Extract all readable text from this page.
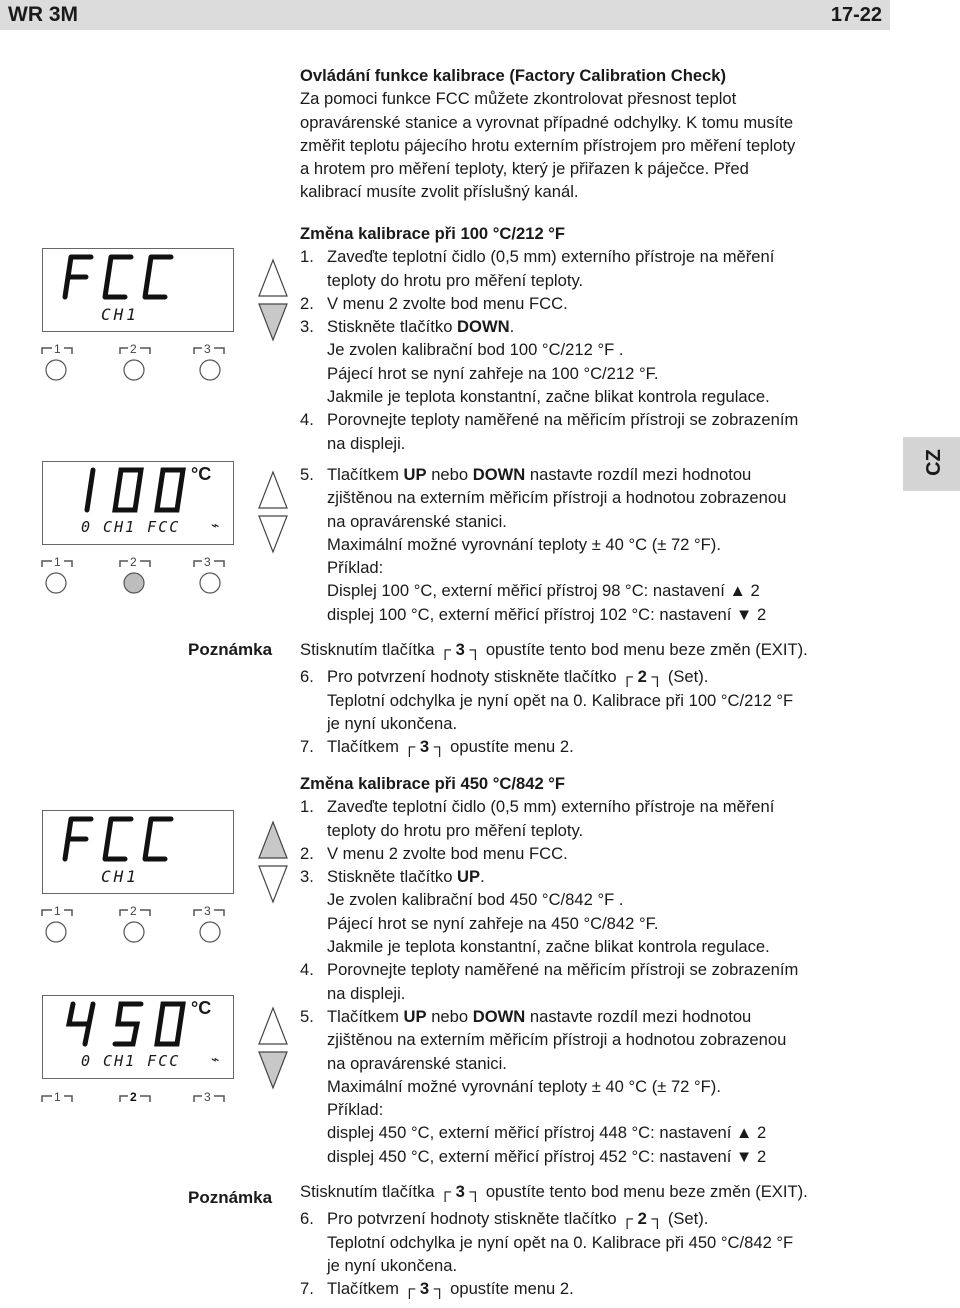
WR 3M	17-22
CZ

Ovládání funkce kalibrace (Factory Calibration Check)

Za pomoci funkce FCC můžete zkontrolovat přesnost teplot

opravárenské stanice a vyrovnat případné odchylky. K tomu musíte

změřit teplotu pájecího hrotu externím přístrojem pro měření teploty

a hrotem pro měření teploty, který je přiřazen k páječce. Před

kalibrací musíte zvolit příslušný kanál.

Změna kalibrace při 100 °C/212 °F

1. Zaveďte teplotní čidlo (0,5 mm) externího přístroje na měření

teploty do hrotu pro měření teploty.

2. V menu 2 zvolte bod menu FCC.

3. Stiskněte tlačítko DOWN.

Je zvolen kalibrační bod 100 °C/212 °F .

Pájecí hrot se nyní zahřeje na 100 °C/212 °F.

Jakmile je teplota konstantní, začne blikat kontrola regulace.

4. Porovnejte teploty naměřené na měřicím přístroji se zobrazením

na displeji.

5. Tlačítkem UP nebo DOWN nastavte rozdíl mezi hodnotou

zjištěnou na externím měřicím přístroji a hodnotou zobrazenou

na opravárenské stanici.

Maximální možné vyrovnání teploty ± 40 °C (± 72 °F).

Příklad:

Displej 100 °C, externí měřicí přístroj 98 °C: nastavení ▲ 2

displej 100 °C, externí měřicí přístroj 102 °C: nastavení ▼ 2

Stisknutím tlačítka ┌ 3 ┐ opustíte tento bod menu beze změn (EXIT).

6. Pro potvrzení hodnoty stiskněte tlačítko ┌ 2 ┐ (Set).

Teplotní odchylka je nyní opět na 0. Kalibrace při 100 °C/212 °F

je nyní ukončena.

7. Tlačítkem ┌ 3 ┐ opustíte menu 2.

Poznámka

Změna kalibrace při 450 °C/842 °F

1. Zaveďte teplotní čidlo (0,5 mm) externího přístroje na měření

teploty do hrotu pro měření teploty.

2. V menu 2 zvolte bod menu FCC.

3. Stiskněte tlačítko UP.

Je zvolen kalibrační bod 450 °C/842 °F .

Pájecí hrot se nyní zahřeje na 450 °C/842 °F.

Jakmile je teplota konstantní, začne blikat kontrola regulace.

4. Porovnejte teploty naměřené na měřicím přístroji se zobrazením

na displeji.

5. Tlačítkem UP nebo DOWN nastavte rozdíl mezi hodnotou

zjištěnou na externím měřicím přístroji a hodnotou zobrazenou

na opravárenské stanici.

Maximální možné vyrovnání teploty ± 40 °C (± 72 °F).

Příklad:

displej 450 °C, externí měřicí přístroj 448 °C: nastavení ▲ 2

displej 450 °C, externí měřicí přístroj 452 °C: nastavení ▼ 2

Stisknutím tlačítka ┌ 3 ┐ opustíte tento bod menu beze změn (EXIT).

6. Pro potvrzení hodnoty stiskněte tlačítko ┌ 2 ┐ (Set).

Teplotní odchylka je nyní opět na 0. Kalibrace při 450 °C/842 °F

je nyní ukončena.

7. Tlačítkem ┌ 3 ┐ opustíte menu 2.

Poznámka
CH1
1	2	3
°C
0 CH1 FCC ⌁
1	2	3
CH1
1	2	3
°C
0 CH1 FCC ⌁
1	2	3
